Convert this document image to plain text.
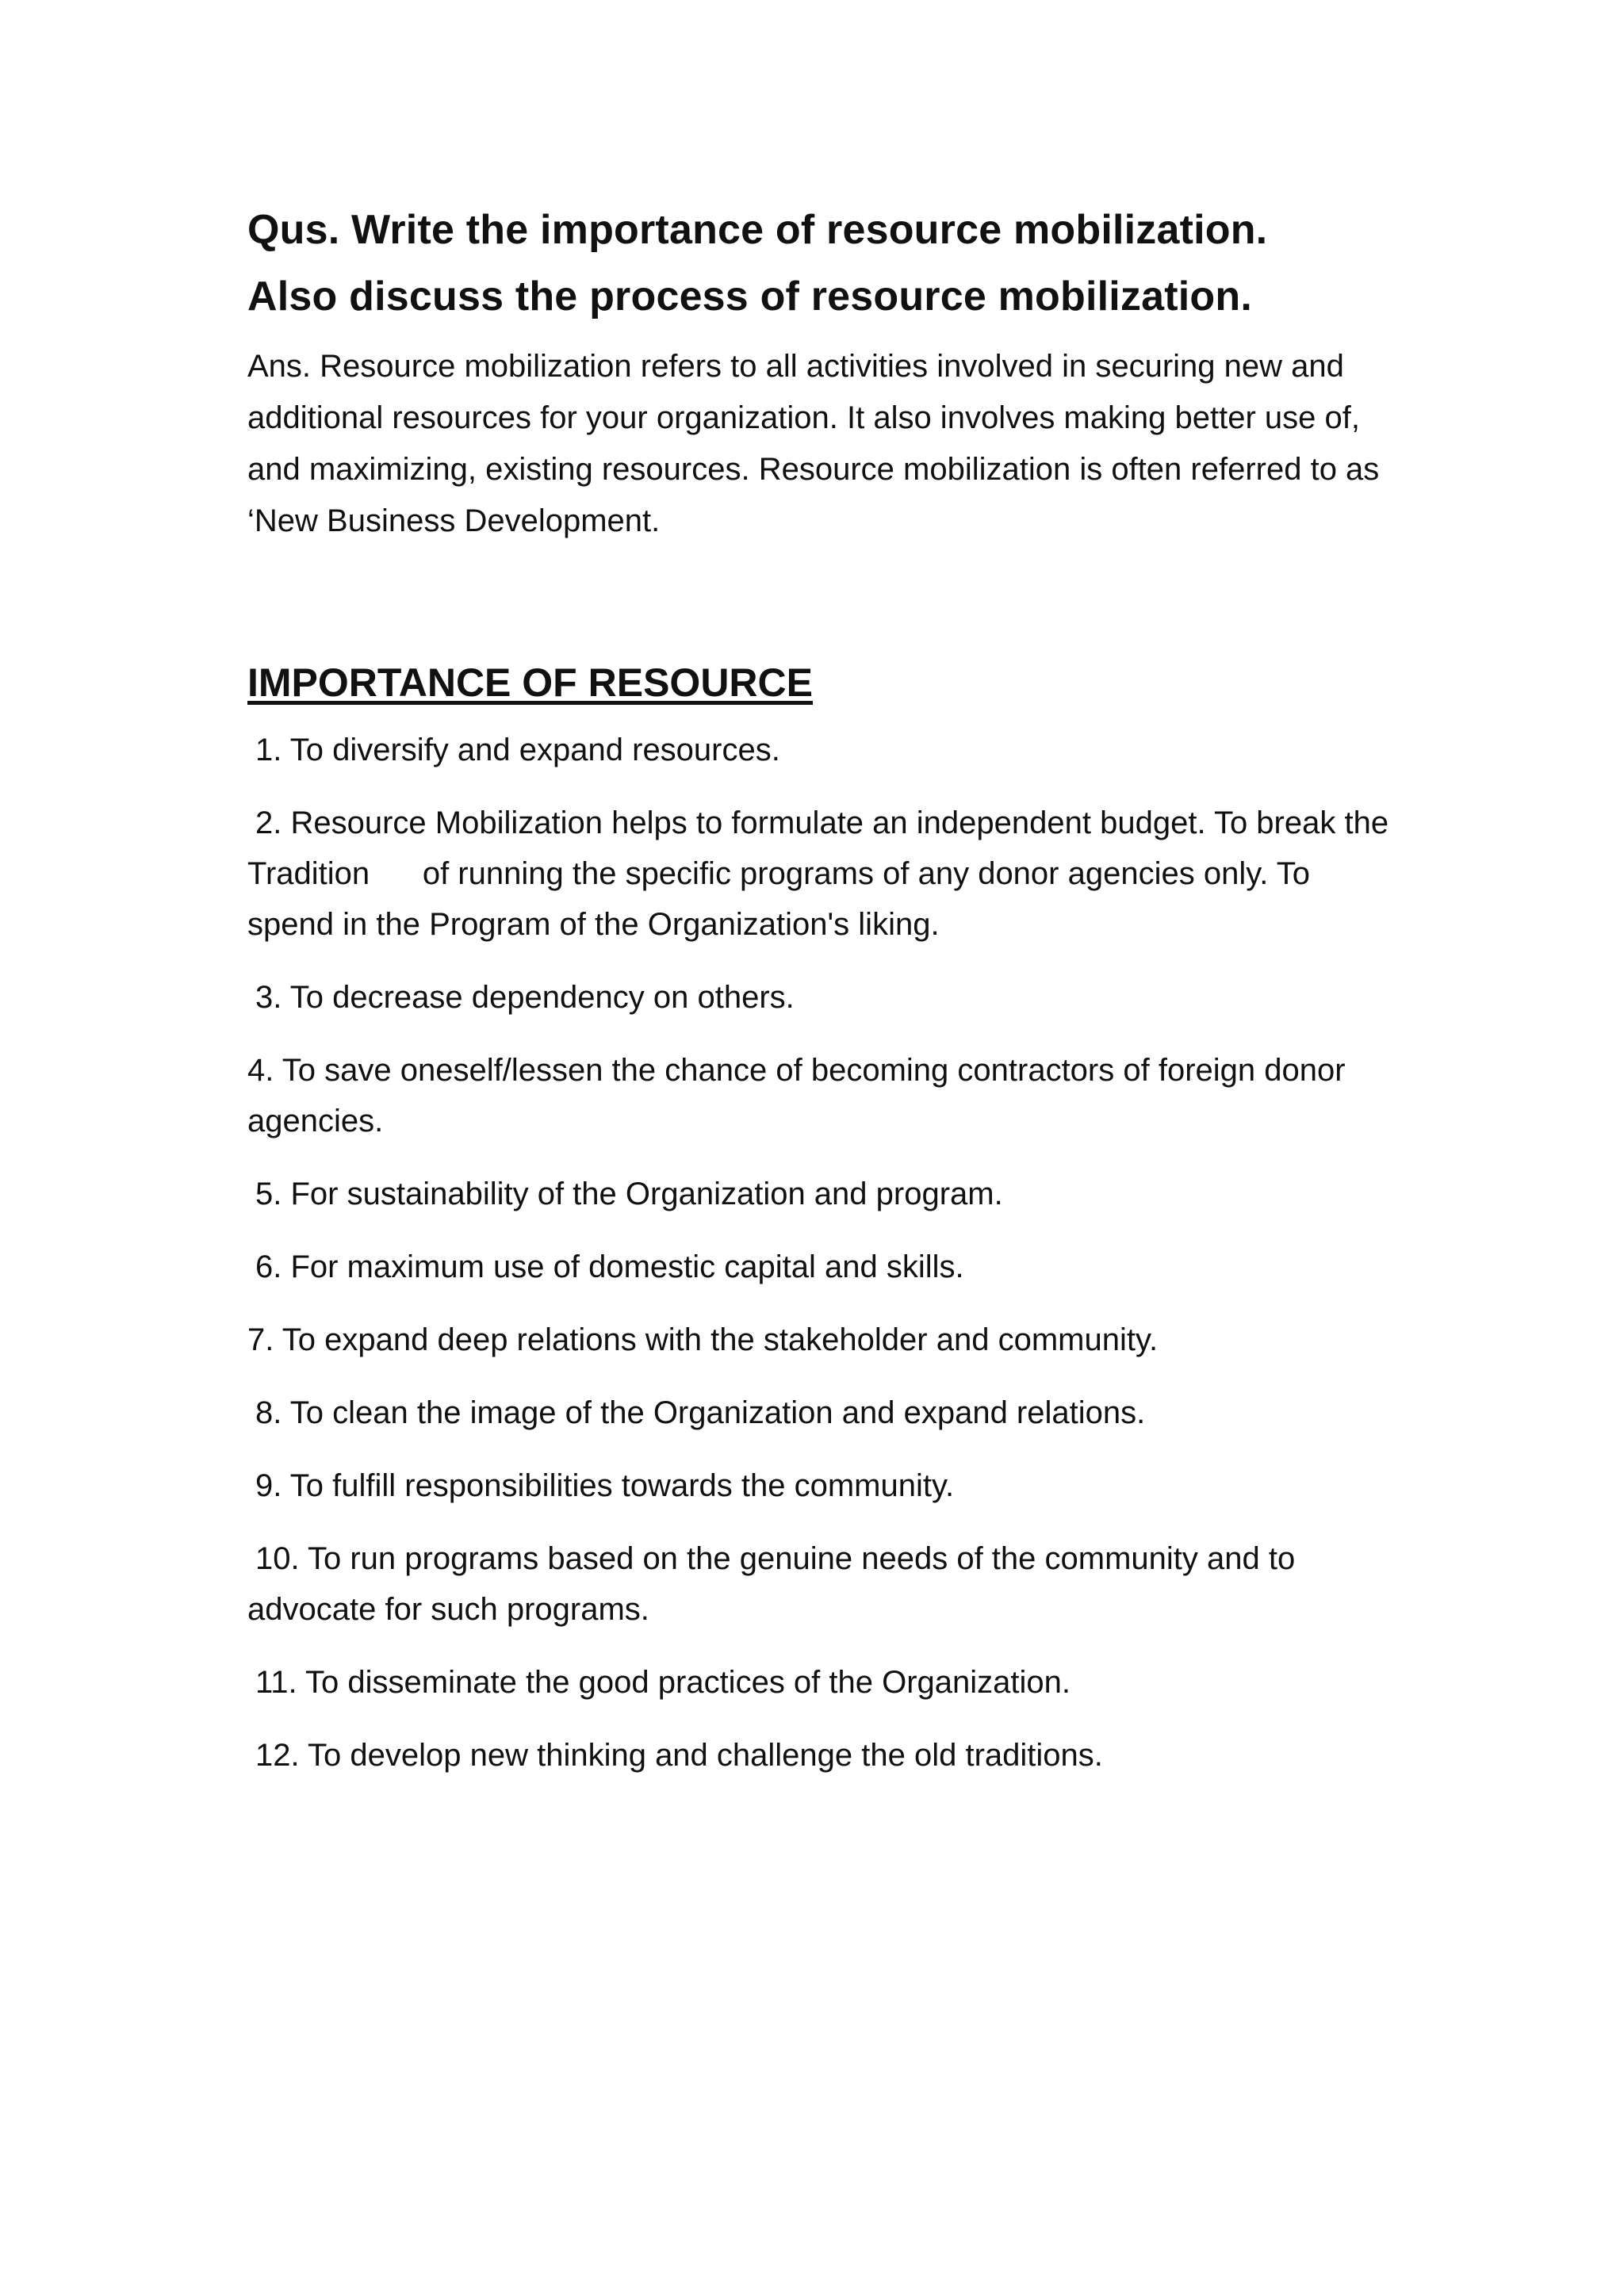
Qus. Write the importance of resource mobilization.
Also discuss the process of resource mobilization.

Ans. Resource mobilization refers to all activities involved in securing new and additional resources for your organization. It also involves making better use of, and maximizing, existing resources. Resource mobilization is often referred to as ‘New Business Development.

IMPORTANCE OF RESOURCE

1. To diversify and expand resources.

2. Resource Mobilization helps to formulate an independent budget. To break the Tradition      of running the specific programs of any donor agencies only. To spend in the Program of the Organization's liking.

3. To decrease dependency on others.

4. To save oneself/lessen the chance of becoming contractors of foreign donor agencies.

5. For sustainability of the Organization and program.

6. For maximum use of domestic capital and skills.

7. To expand deep relations with the stakeholder and community.

8. To clean the image of the Organization and expand relations.

9. To fulfill responsibilities towards the community.

10. To run programs based on the genuine needs of the community and to advocate for such programs.

11. To disseminate the good practices of the Organization.

12. To develop new thinking and challenge the old traditions.
